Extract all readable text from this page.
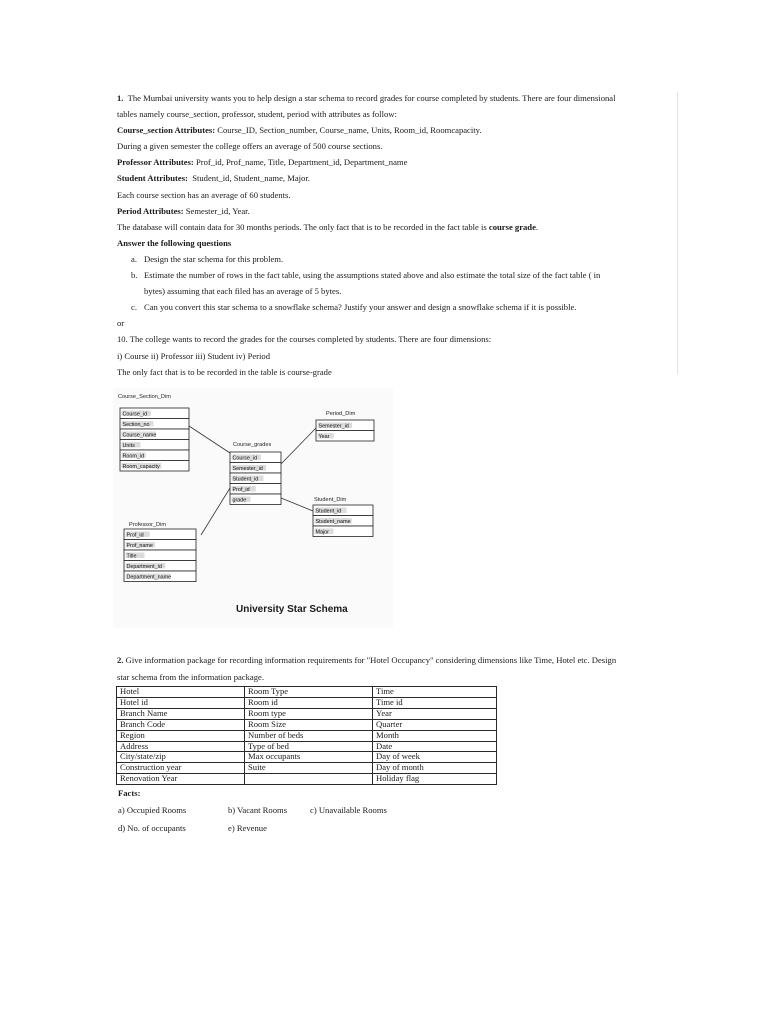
1. The Mumbai university wants you to help design a star schema to record grades for course completed by students. There are four dimensional

tables namely course_section, professor, student, period with attributes as follow:

Course_section Attributes: Course_ID, Section_number, Course_name, Units, Room_id, Roomcapacity.

During a given semester the college offers an average of 500 course sections.

Professor Attributes: Prof_id, Prof_name, Title, Department_id, Department_name

Student Attributes: Student_id, Student_name, Major.

Each course section has an average of 60 students.

Period Attributes: Semester_id, Year.

The database will contain data for 30 months periods. The only fact that is to be recorded in the fact table is course grade.

Answer the following questions

a. Design the star schema for this problem.

b. Estimate the number of rows in the fact table, using the assumptions stated above and also estimate the total size of the fact table ( in

bytes) assuming that each filed has an average of 5 bytes.

c. Can you convert this star schema to a snowflake schema? Justify your answer and design a snowflake schema if it is possible.

or

10. The college wants to record the grades for the courses completed by students. There are four dimensions:

i) Course ii) Professor iii) Student iv) Period

The only fact that is to be recorded in the table is course-grade

Course_Section_Dim
Course_id
Section_no
Course_name
Units
Room_id
Room_capacity
Period_Dim
Semester_id
Year
Course_grades
Course_id
Semester_id
Student_id
Prof_id
grade	Student_Dim
Student_id
Student_name
Major
Professor_Dim
Prof_id
Prof_name
Title
Department_id
Department_name
University Star Schema

2. Give information package for recording information requirements for "Hotel Occupancy" considering dimensions like Time, Hotel etc. Design

star schema from the information package.

Hotel	Room Type	Time
Hotel id	Room id	Time id
Branch Name	Room type	Year
Branch Code	Room Size	Quarter
Region	Number of beds	Month
Address	Type of bed	Date
City/state/zip	Max occupants	Day of week
Construction year	Suite	Day of month
Renovation Year		Holiday flag
Facts:
a) Occupied Rooms	b) Vacant Rooms	c) Unavailable Rooms
d) No. of occupants	e) Revenue
